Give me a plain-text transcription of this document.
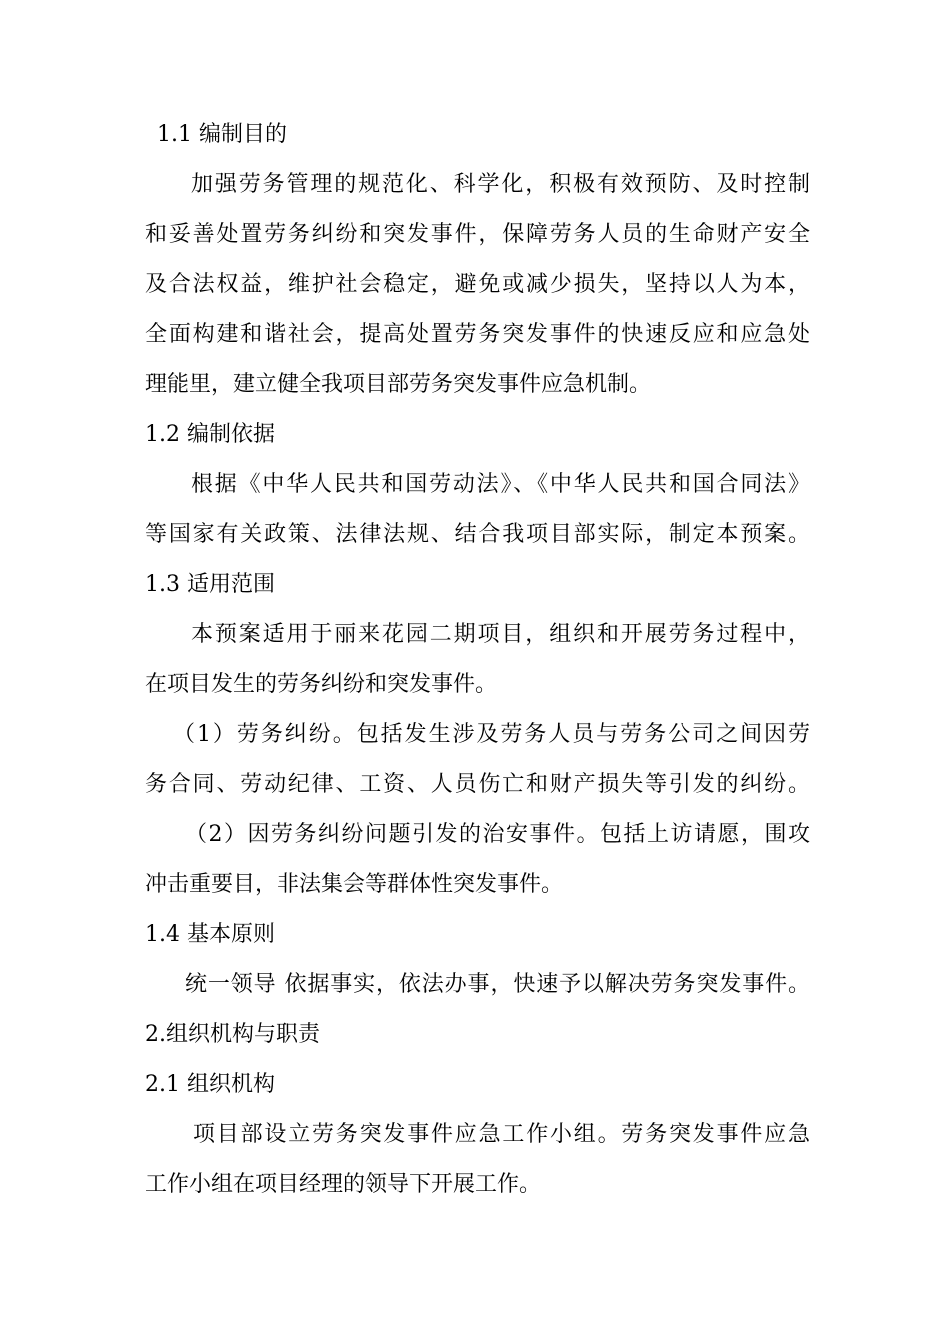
1.1 编制目的
加强劳务管理的规范化、科学化，积极有效预防、及时控制
和妥善处置劳务纠纷和突发事件，保障劳务人员的生命财产安全
及合法权益，维护社会稳定，避免或减少损失，坚持以人为本，
全面构建和谐社会，提高处置劳务突发事件的快速反应和应急处
理能里，建立健全我项目部劳务突发事件应急机制。
1.2 编制依据
根据《中华人民共和国劳动法》、《中华人民共和国合同法》
等国家有关政策、法律法规、结合我项目部实际，制定本预案。
1.3 适用范围
本预案适用于丽来花园二期项目，组织和开展劳务过程中，
在项目发生的劳务纠纷和突发事件。
（1）劳务纠纷。包括发生涉及劳务人员与劳务公司之间因劳
务合同、劳动纪律、工资、人员伤亡和财产损失等引发的纠纷。
（2）因劳务纠纷问题引发的治安事件。包括上访请愿，围攻
冲击重要目，非法集会等群体性突发事件。
1.4 基本原则
统一领导 依据事实，依法办事，快速予以解决劳务突发事件。
2.组织机构与职责
2.1 组织机构
项目部设立劳务突发事件应急工作小组。劳务突发事件应急
工作小组在项目经理的领导下开展工作。
